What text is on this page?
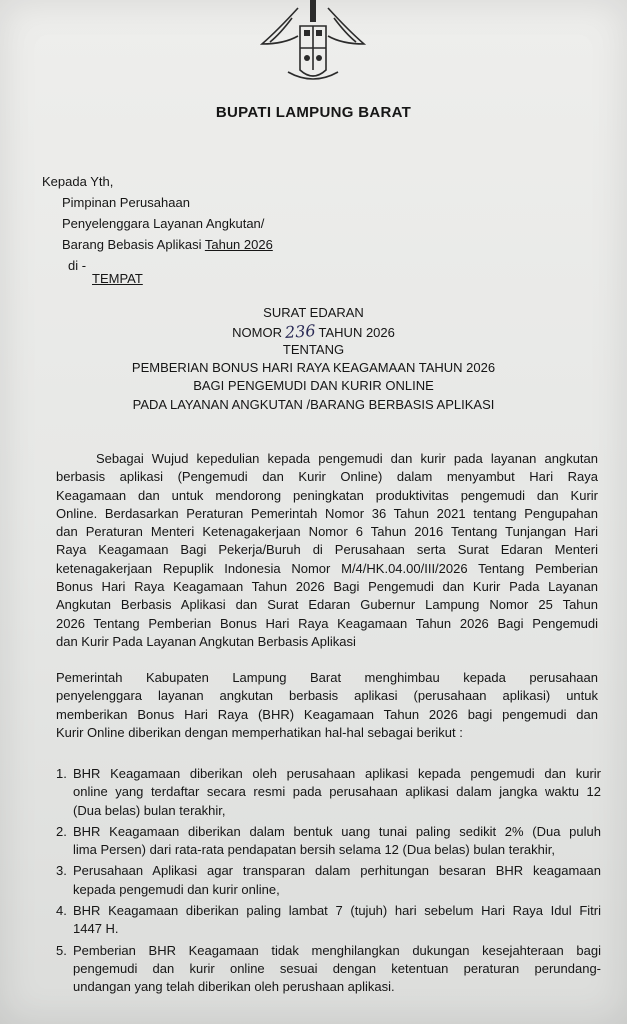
BUPATI LAMPUNG BARAT
Kepada Yth,
Pimpinan Perusahaan
Penyelenggara Layanan Angkutan/
Barang Bebasis Aplikasi Tahun 2026
di -
TEMPAT
SURAT EDARAN
NOMOR 236 TAHUN 2026
TENTANG
PEMBERIAN BONUS HARI RAYA KEAGAMAAN TAHUN 2026
BAGI PENGEMUDI DAN KURIR ONLINE
PADA LAYANAN ANGKUTAN /BARANG BERBASIS APLIKASI
Sebagai Wujud kepedulian kepada pengemudi dan kurir pada layanan angkutan
berbasis aplikasi (Pengemudi dan Kurir Online) dalam menyambut Hari Raya
Keagamaan dan untuk mendorong peningkatan produktivitas pengemudi dan Kurir
Online. Berdasarkan Peraturan Pemerintah Nomor 36 Tahun 2021 tentang Pengupahan
dan Peraturan Menteri Ketenagakerjaan Nomor 6 Tahun 2016 Tentang Tunjangan Hari
Raya Keagamaan Bagi Pekerja/Buruh di Perusahaan serta Surat Edaran Menteri
ketenagakerjaan Repuplik Indonesia Nomor M/4/HK.04.00/III/2026 Tentang Pemberian
Bonus Hari Raya Keagamaan Tahun 2026 Bagi Pengemudi dan Kurir Pada Layanan
Angkutan Berbasis Aplikasi dan Surat Edaran Gubernur Lampung Nomor 25 Tahun
2026 Tentang Pemberian Bonus Hari Raya Keagamaan Tahun 2026 Bagi Pengemudi
dan Kurir Pada Layanan Angkutan Berbasis Aplikasi
Pemerintah Kabupaten Lampung Barat menghimbau kepada perusahaan
penyelenggara layanan angkutan berbasis aplikasi (perusahaan aplikasi) untuk
memberikan Bonus Hari Raya (BHR) Keagamaan Tahun 2026 bagi pengemudi dan
Kurir Online diberikan dengan memperhatikan hal-hal sebagai berikut :
1. BHR Keagamaan diberikan oleh perusahaan aplikasi kepada pengemudi dan kurir
online yang terdaftar secara resmi pada perusahaan aplikasi dalam jangka waktu 12
(Dua belas) bulan terakhir,
2. BHR Keagamaan diberikan dalam bentuk uang tunai paling sedikit 2% (Dua puluh
lima Persen) dari rata-rata pendapatan bersih selama 12 (Dua belas) bulan terakhir,
3. Perusahaan Aplikasi agar transparan dalam perhitungan besaran BHR keagamaan
kepada pengemudi dan kurir online,
4. BHR Keagamaan diberikan paling lambat 7 (tujuh) hari sebelum Hari Raya Idul Fitri
1447 H.
5. Pemberian BHR Keagamaan tidak menghilangkan dukungan kesejahteraan bagi
pengemudi dan kurir online sesuai dengan ketentuan peraturan perundang-
undangan yang telah diberikan oleh perushaan aplikasi.
